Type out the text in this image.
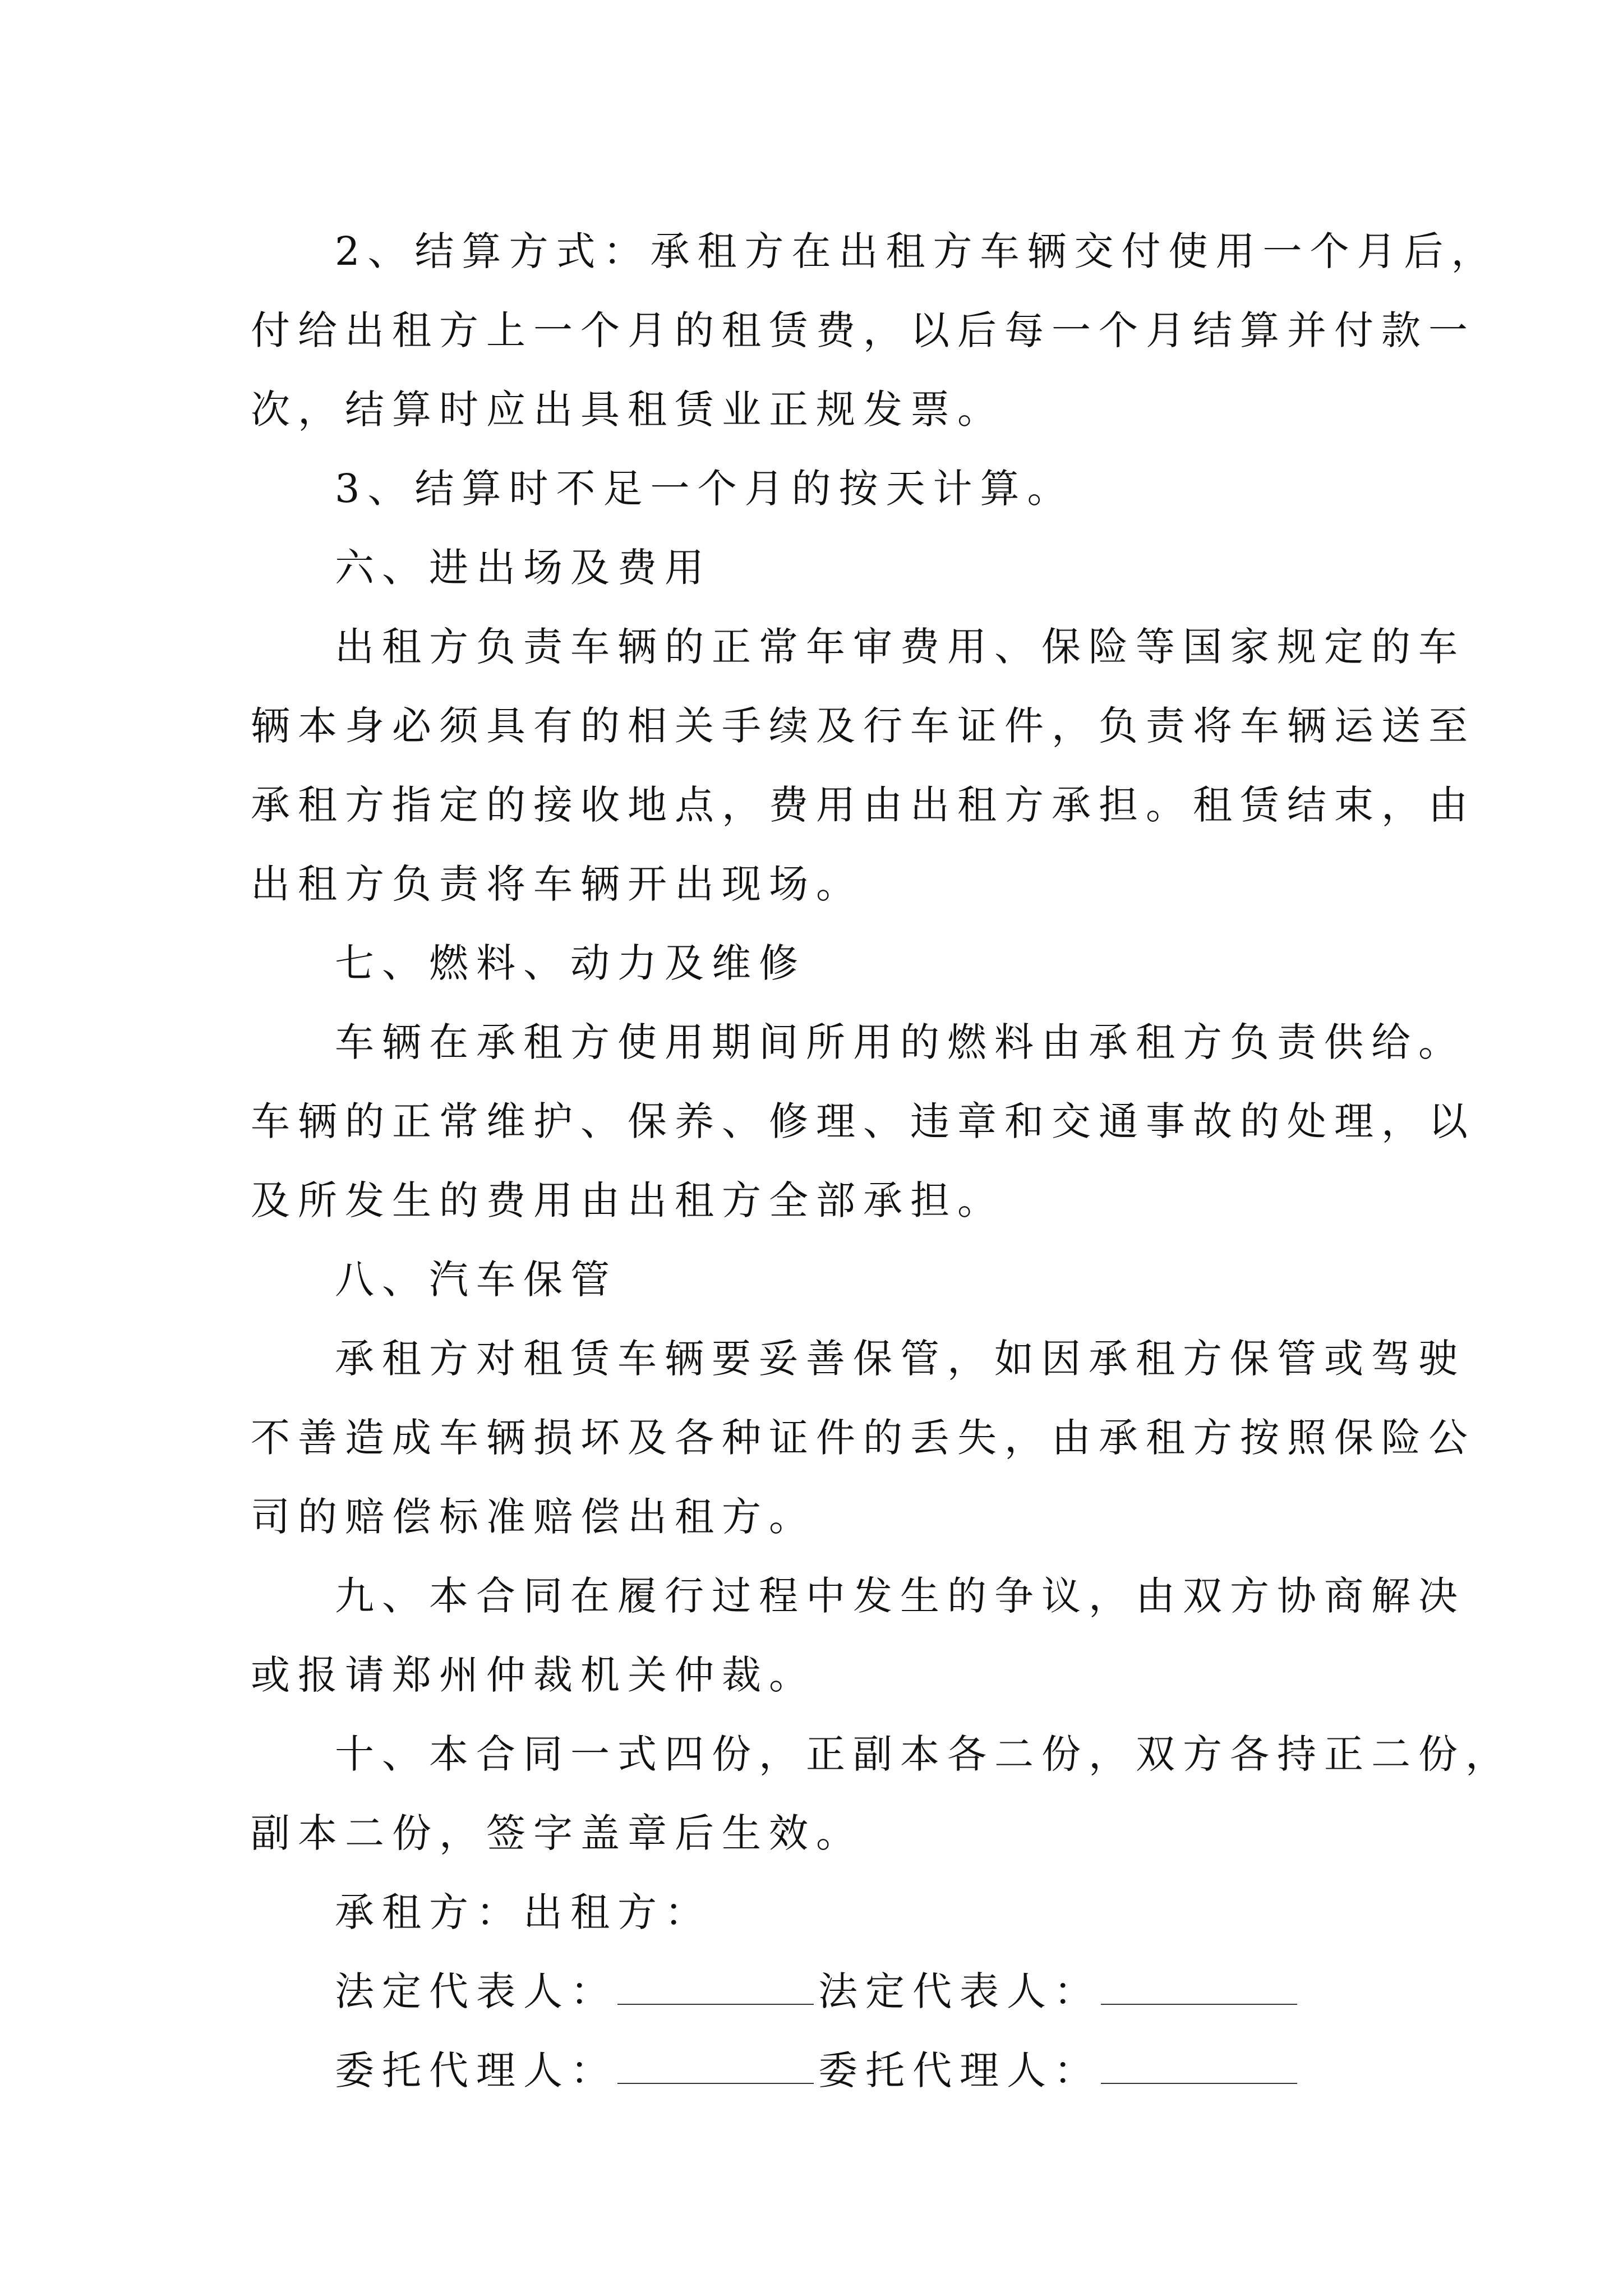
2、结算方式：承租方在出租方车辆交付使用一个月后，
付给出租方上一个月的租赁费，以后每一个月结算并付款一
次，结算时应出具租赁业正规发票。
3、结算时不足一个月的按天计算。
六、进出场及费用
出租方负责车辆的正常年审费用、保险等国家规定的车
辆本身必须具有的相关手续及行车证件，负责将车辆运送至
承租方指定的接收地点，费用由出租方承担。租赁结束，由
出租方负责将车辆开出现场。
七、燃料、动力及维修
车辆在承租方使用期间所用的燃料由承租方负责供给。
车辆的正常维护、保养、修理、违章和交通事故的处理，以
及所发生的费用由出租方全部承担。
八、汽车保管
承租方对租赁车辆要妥善保管，如因承租方保管或驾驶
不善造成车辆损坏及各种证件的丢失，由承租方按照保险公
司的赔偿标准赔偿出租方。
九、本合同在履行过程中发生的争议，由双方协商解决
或报请郑州仲裁机关仲裁。
十、本合同一式四份，正副本各二份，双方各持正二份，
副本二份，签字盖章后生效。
承租方：出租方：
法定代表人：	法定代表人：
委托代理人：	委托代理人：
